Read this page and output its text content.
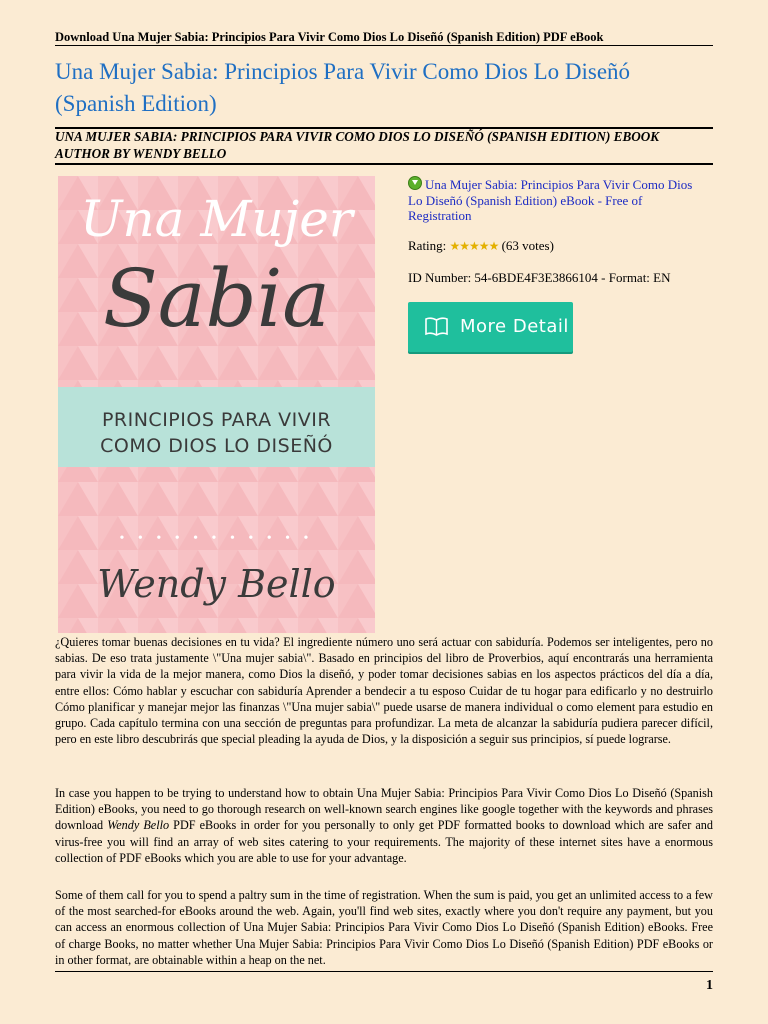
Download Una Mujer Sabia: Principios Para Vivir Como Dios Lo Diseñó (Spanish Edition) PDF eBook
Una Mujer Sabia: Principios Para Vivir Como Dios Lo Diseñó (Spanish Edition)
UNA MUJER SABIA: PRINCIPIOS PARA VIVIR COMO DIOS LO DISEÑÓ (SPANISH EDITION) EBOOK AUTHOR BY WENDY BELLO
Una Mujer
Sabia
PRINCIPIOS PARA VIVIR
COMO DIOS LO DISEÑÓ
• • • • • • • • • • •
Wendy Bello
Una Mujer Sabia: Principios Para Vivir Como Dios Lo Diseñó (Spanish Edition) eBook - Free of Registration
Rating: ★★★★★ (63 votes)
ID Number: 54-6BDE4F3E3866104 - Format: EN
More Detail
¿Quieres tomar buenas decisiones en tu vida? El ingrediente número uno será actuar con sabiduría. Podemos ser inteligentes, pero no sabias. De eso trata justamente \"Una mujer sabia\". Basado en principios del libro de Proverbios, aquí encontrarás una herramienta para vivir la vida de la mejor manera, como Dios la diseñó, y poder tomar decisiones sabias en los aspectos prácticos del día a día, entre ellos: Cómo hablar y escuchar con sabiduría Aprender a bendecir a tu esposo Cuidar de tu hogar para edificarlo y no destruirlo Cómo planificar y manejar mejor las finanzas \"Una mujer sabia\" puede usarse de manera individual o como element para estudio en grupo. Cada capítulo termina con una sección de preguntas para profundizar. La meta de alcanzar la sabiduría pudiera parecer difícil, pero en este libro descubrirás que special pleading la ayuda de Dios, y la disposición a seguir sus principios, sí puede lograrse.
In case you happen to be trying to understand how to obtain Una Mujer Sabia: Principios Para Vivir Como Dios Lo Diseñó (Spanish Edition) eBooks, you need to go thorough research on well-known search engines like google together with the keywords and phrases download Wendy Bello PDF eBooks in order for you personally to only get PDF formatted books to download which are safer and virus-free you will find an array of web sites catering to your requirements. The majority of these internet sites have a enormous collection of PDF eBooks which you are able to use for your advantage.
Some of them call for you to spend a paltry sum in the time of registration. When the sum is paid, you get an unlimited access to a few of the most searched-for eBooks around the web. Again, you'll find web sites, exactly where you don't require any payment, but you can access an enormous collection of Una Mujer Sabia: Principios Para Vivir Como Dios Lo Diseñó (Spanish Edition) eBooks. Free of charge Books, no matter whether Una Mujer Sabia: Principios Para Vivir Como Dios Lo Diseñó (Spanish Edition) PDF eBooks or in other format, are obtainable within a heap on the net.
1
